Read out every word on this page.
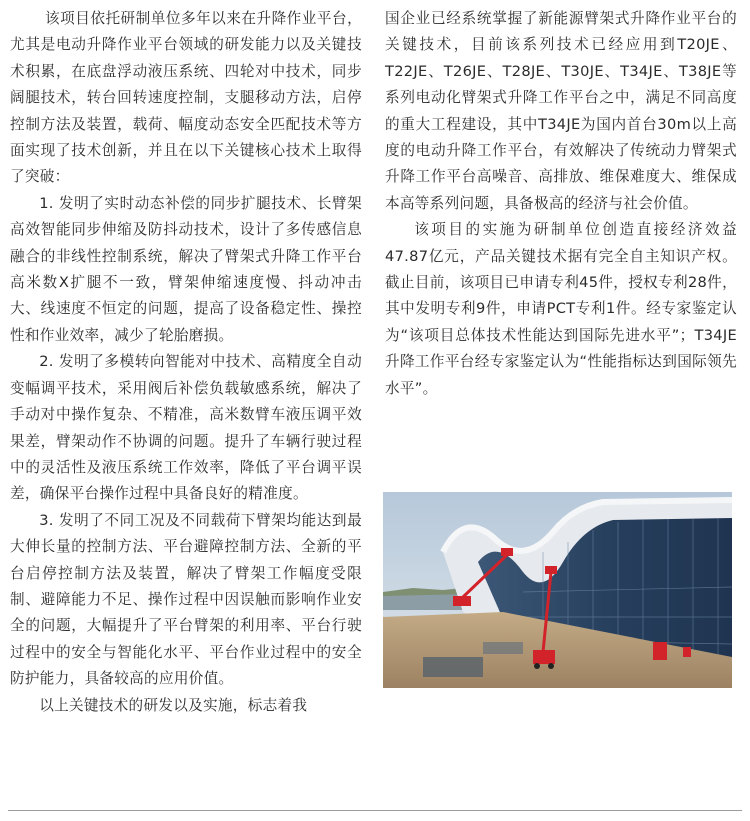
该项目依托研制单位多年以来在升降作业平台，尤其是电动升降作业平台领域的研发能力以及关键技术积累，在底盘浮动液压系统、四轮对中技术，同步阔腿技术，转台回转速度控制，支腿移动方法，启停控制方法及装置，载荷、幅度动态安全匹配技术等方面实现了技术创新，并且在以下关键核心技术上取得了突破：

1. 发明了实时动态补偿的同步扩腿技术、长臂架高效智能同步伸缩及防抖动技术，设计了多传感信息融合的非线性控制系统，解决了臂架式升降工作平台高米数X扩腿不一致，臂架伸缩速度慢、抖动冲击大、线速度不恒定的问题，提高了设备稳定性、操控性和作业效率，减少了轮胎磨损。

2. 发明了多模转向智能对中技术、高精度全自动变幅调平技术，采用阀后补偿负载敏感系统，解决了手动对中操作复杂、不精准，高米数臂车液压调平效果差，臂架动作不协调的问题。提升了车辆行驶过程中的灵活性及液压系统工作效率，降低了平台调平误差，确保平台操作过程中具备良好的精准度。

3. 发明了不同工况及不同载荷下臂架均能达到最大伸长量的控制方法、平台避障控制方法、全新的平台启停控制方法及装置，解决了臂架工作幅度受限制、避障能力不足、操作过程中因误触而影响作业安全的问题，大幅提升了平台臂架的利用率、平台行驶过程中的安全与智能化水平、平台作业过程中的安全防护能力，具备较高的应用价值。

以上关键技术的研发以及实施，标志着我

国企业已经系统掌握了新能源臂架式升降作业平台的关键技术，目前该系列技术已经应用到T20JE、T22JE、T26JE、T28JE、T30JE、T34JE、T38JE等系列电动化臂架式升降工作平台之中，满足不同高度的重大工程建设，其中T34JE为国内首台30m以上高度的电动升降工作平台，有效解决了传统动力臂架式升降工作平台高噪音、高排放、维保难度大、维保成本高等系列问题，具备极高的经济与社会价值。

该项目的实施为研制单位创造直接经济效益47.87亿元，产品关键技术据有完全自主知识产权。截止目前，该项目已申请专利45件，授权专利28件，其中发明专利9件，申请PCT专利1件。经专家鉴定认为“该项目总体技术性能达到国际先进水平”；T34JE升降工作平台经专家鉴定认为“性能指标达到国际领先水平”。
